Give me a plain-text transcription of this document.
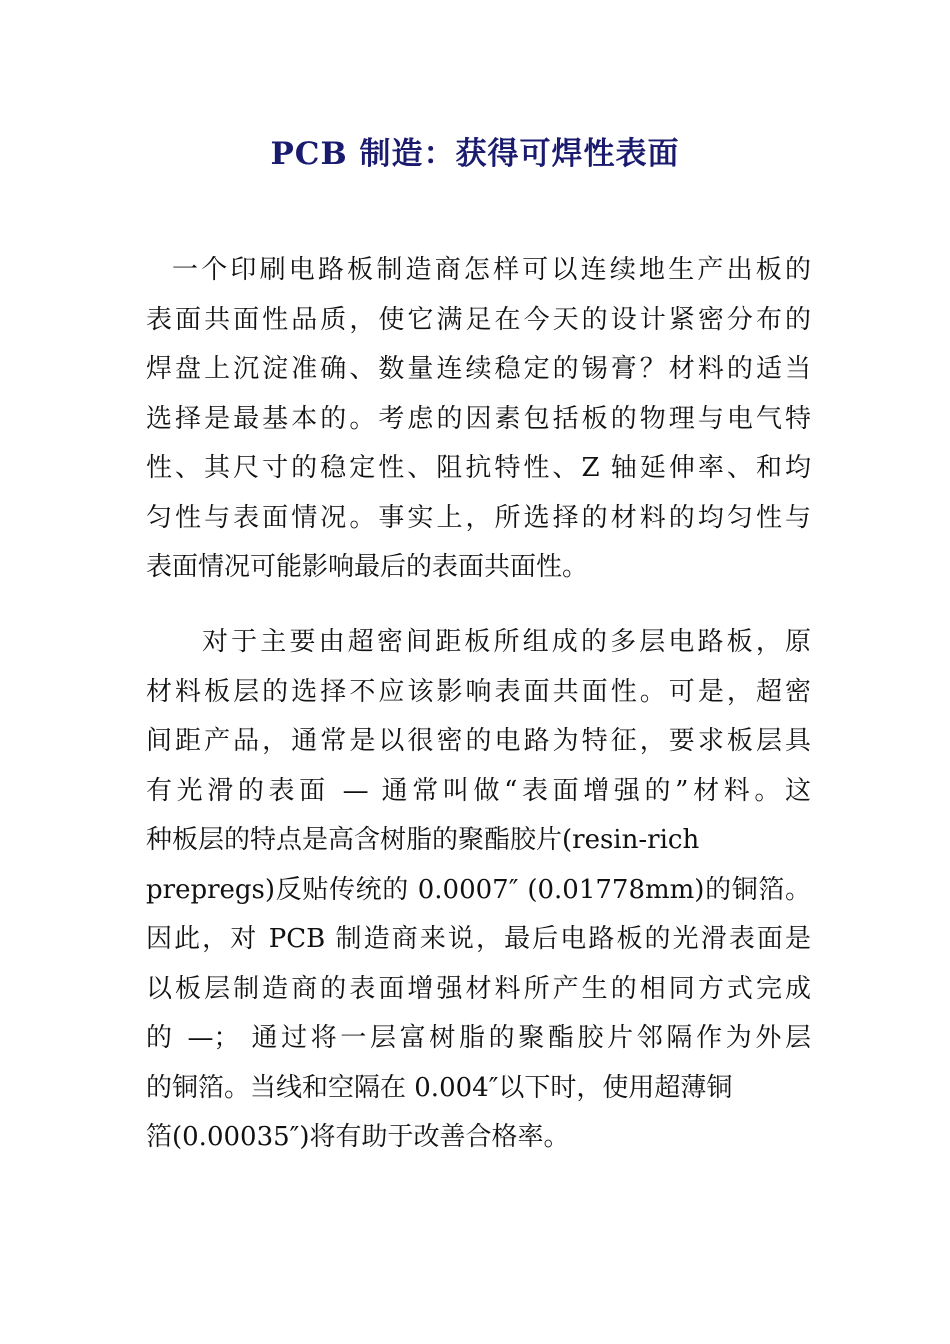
PCB 制造：获得可焊性表面
一个印刷电路板制造商怎样可以连续地生产出板的
表面共面性品质，使它满足在今天的设计紧密分布的
焊盘上沉淀准确、数量连续稳定的锡膏？材料的适当
选择是最基本的。考虑的因素包括板的物理与电气特
性、其尺寸的稳定性、阻抗特性、Z 轴延伸率、和均
匀性与表面情况。事实上，所选择的材料的均匀性与
表面情况可能影响最后的表面共面性。
对于主要由超密间距板所组成的多层电路板，原
材料板层的选择不应该影响表面共面性。可是，超密
间距产品，通常是以很密的电路为特征，要求板层具
有光滑的表面 — 通常叫做“表面增强的”材料。这
种板层的特点是高含树脂的聚酯胶片(resin-rich
prepregs)反贴传统的 0.0007″ (0.01778mm)的铜箔。
因此，对 PCB 制造商来说，最后电路板的光滑表面是
以板层制造商的表面增强材料所产生的相同方式完成
的 —； 通过将一层富树脂的聚酯胶片邻隔作为外层
的铜箔。当线和空隔在 0.004″以下时，使用超薄铜
箔(0.00035″)将有助于改善合格率。
